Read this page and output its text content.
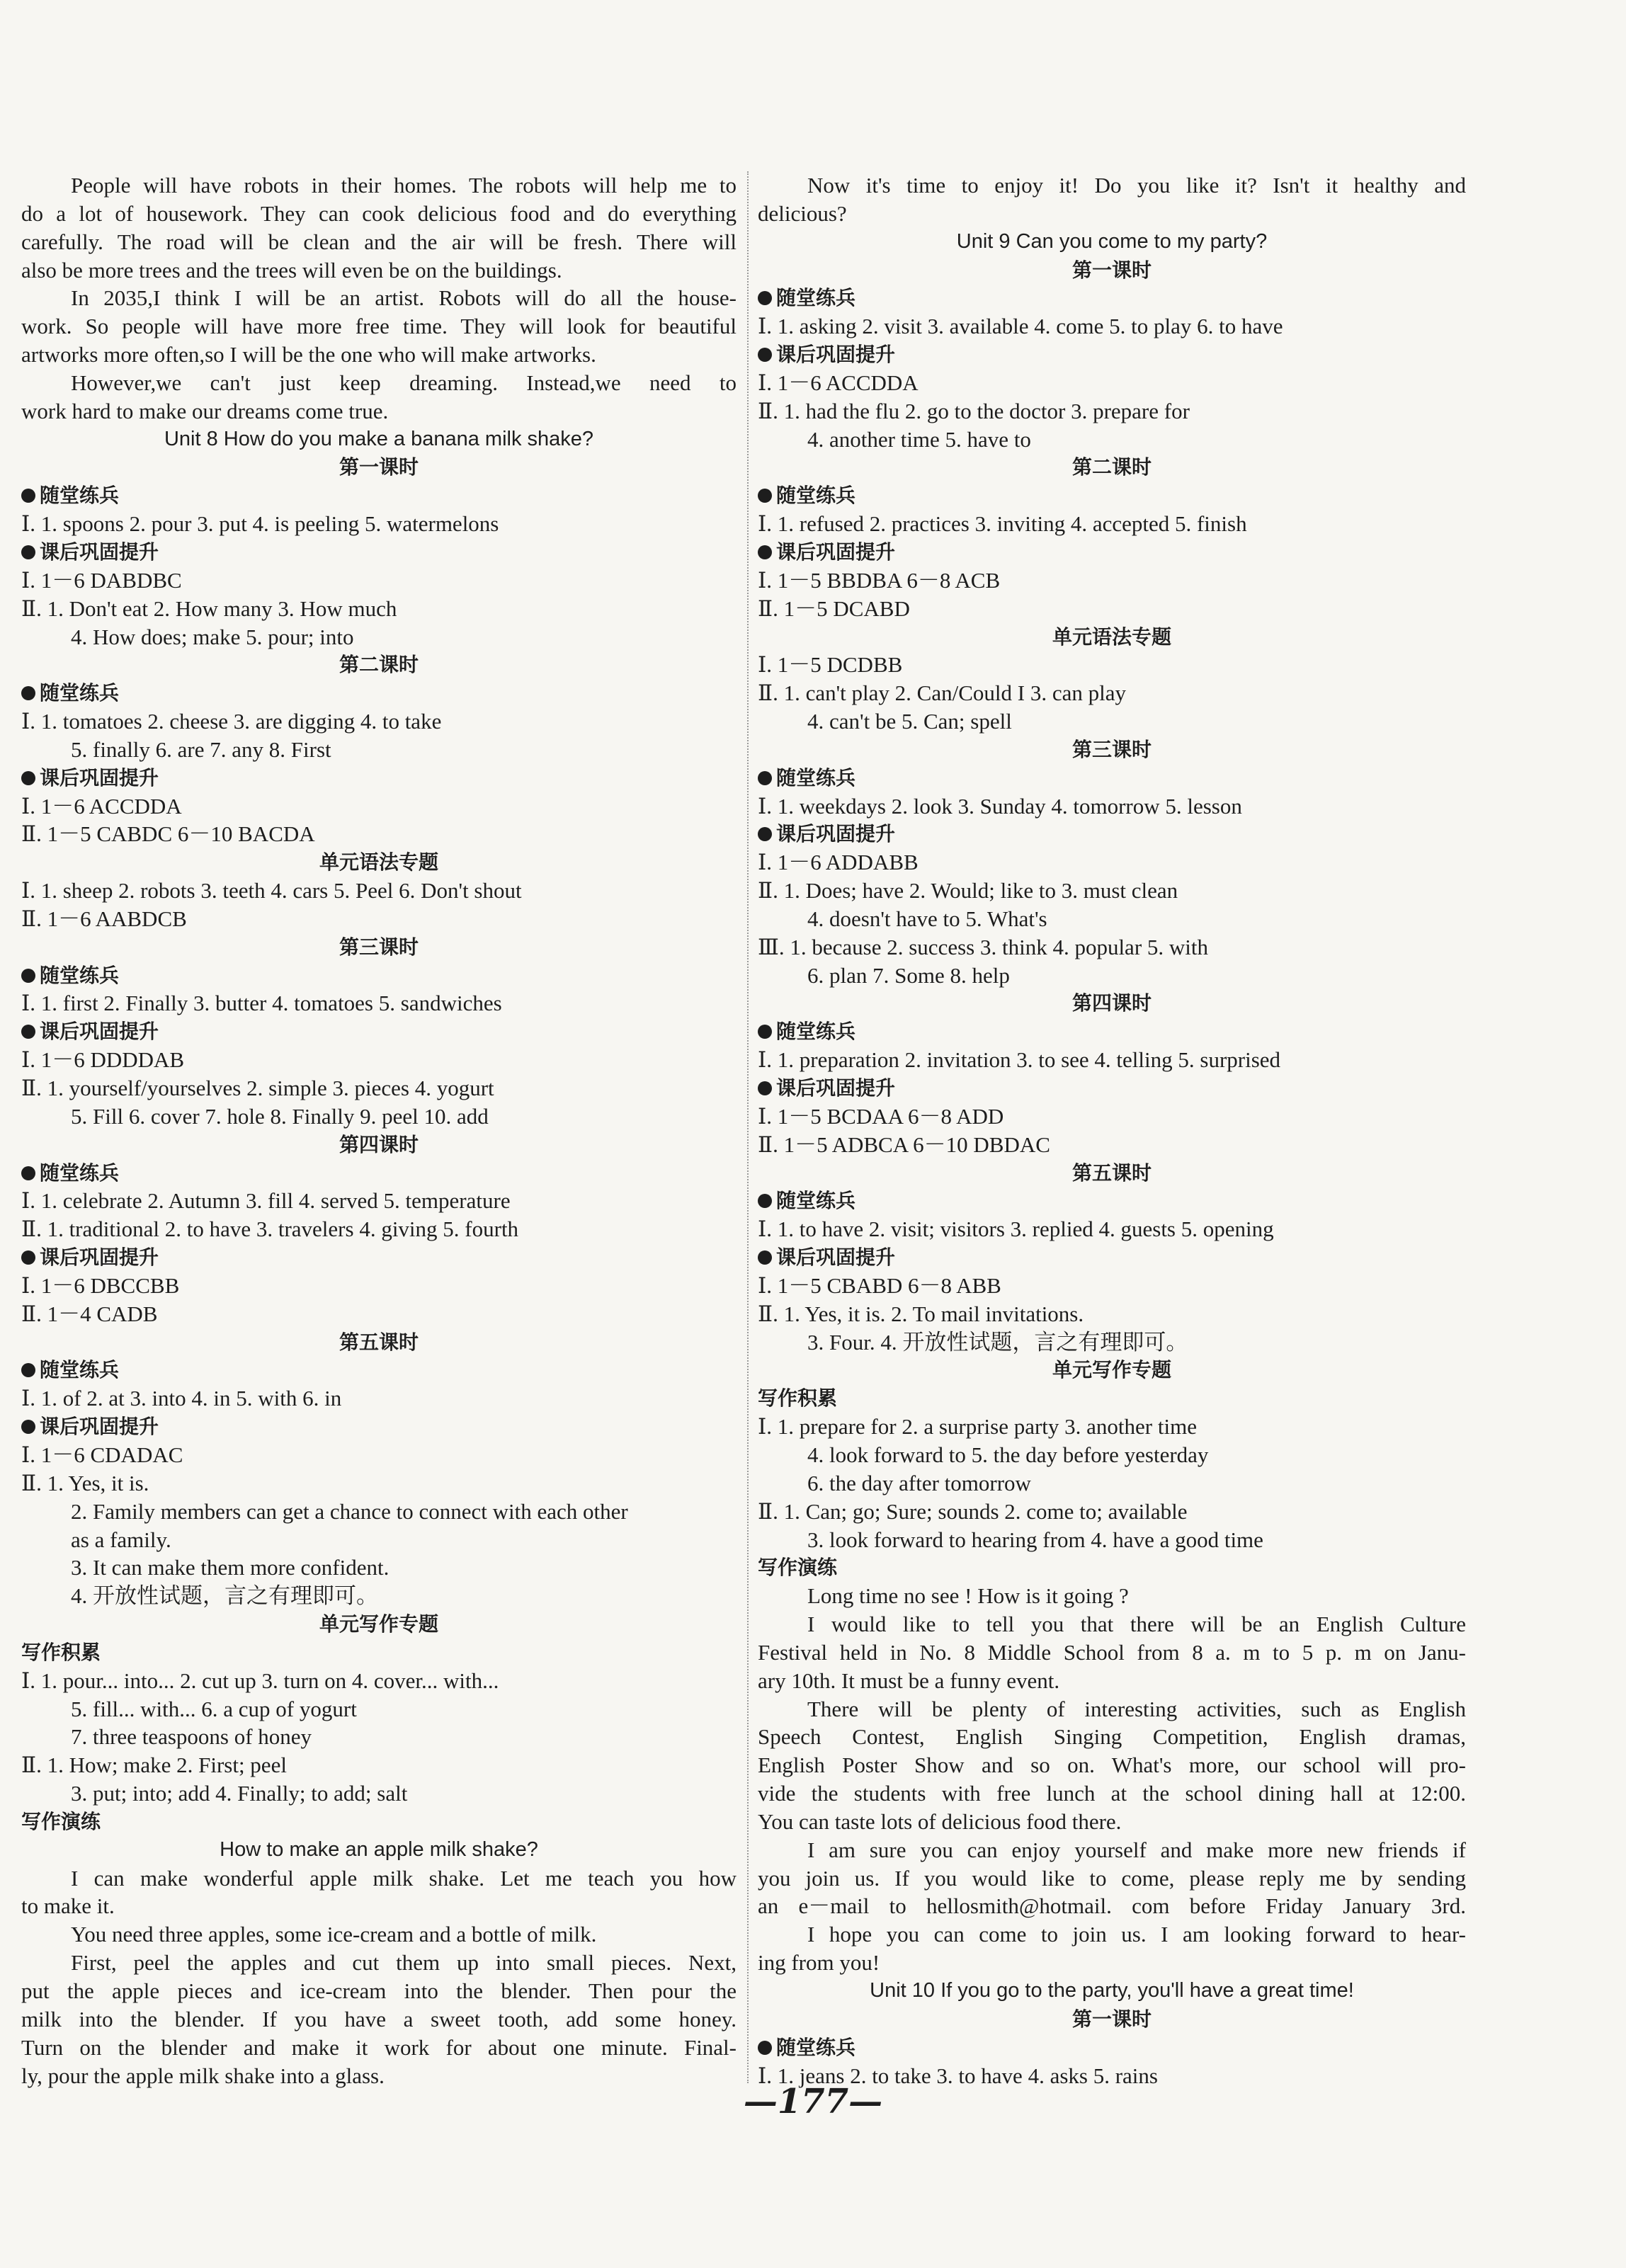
People will have robots in their homes. The robots will help me to
do a lot of housework. They can cook delicious food and do everything
carefully. The road will be clean and the air will be fresh. There will
also be more trees and the trees will even be on the buildings.
In 2035,I think I will be an artist. Robots will do all the house-
work. So people will have more free time. They will look for beautiful
artworks more often,so I will be the one who will make artworks.
However,we can't just keep dreaming. Instead,we need to
work hard to make our dreams come true.
Unit 8 How do you make a banana milk shake?
第一课时
随堂练兵
Ⅰ. 1. spoons 2. pour 3. put 4. is peeling 5. watermelons
课后巩固提升
Ⅰ. 1－6 DABDBC
Ⅱ. 1. Don't eat 2. How many 3. How much
4. How does; make 5. pour; into
第二课时
随堂练兵
Ⅰ. 1. tomatoes 2. cheese 3. are digging 4. to take
5. finally 6. are 7. any 8. First
课后巩固提升
Ⅰ. 1－6 ACCDDA
Ⅱ. 1－5 CABDC 6－10 BACDA
单元语法专题
Ⅰ. 1. sheep 2. robots 3. teeth 4. cars 5. Peel 6. Don't shout
Ⅱ. 1－6 AABDCB
第三课时
随堂练兵
Ⅰ. 1. first 2. Finally 3. butter 4. tomatoes 5. sandwiches
课后巩固提升
Ⅰ. 1－6 DDDDAB
Ⅱ. 1. yourself/yourselves 2. simple 3. pieces 4. yogurt
5. Fill 6. cover 7. hole 8. Finally 9. peel 10. add
第四课时
随堂练兵
Ⅰ. 1. celebrate 2. Autumn 3. fill 4. served 5. temperature
Ⅱ. 1. traditional 2. to have 3. travelers 4. giving 5. fourth
课后巩固提升
Ⅰ. 1－6 DBCCBB
Ⅱ. 1－4 CADB
第五课时
随堂练兵
Ⅰ. 1. of 2. at 3. into 4. in 5. with 6. in
课后巩固提升
Ⅰ. 1－6 CDADAC
Ⅱ. 1. Yes, it is.
2. Family members can get a chance to connect with each other
as a family.
3. It can make them more confident.
4. 开放性试题，言之有理即可。
单元写作专题
写作积累
Ⅰ. 1. pour... into... 2. cut up 3. turn on 4. cover... with...
5. fill... with... 6. a cup of yogurt
7. three teaspoons of honey
Ⅱ. 1. How; make 2. First; peel
3. put; into; add 4. Finally; to add; salt
写作演练
How to make an apple milk shake?
I can make wonderful apple milk shake. Let me teach you how
to make it.
You need three apples, some ice-cream and a bottle of milk.
First, peel the apples and cut them up into small pieces. Next,
put the apple pieces and ice-cream into the blender. Then pour the
milk into the blender. If you have a sweet tooth, add some honey.
Turn on the blender and make it work for about one minute. Final-
ly, pour the apple milk shake into a glass.
Now it's time to enjoy it! Do you like it? Isn't it healthy and
delicious?
Unit 9 Can you come to my party?
第一课时
随堂练兵
Ⅰ. 1. asking 2. visit 3. available 4. come 5. to play 6. to have
课后巩固提升
Ⅰ. 1－6 ACCDDA
Ⅱ. 1. had the flu 2. go to the doctor 3. prepare for
4. another time 5. have to
第二课时
随堂练兵
Ⅰ. 1. refused 2. practices 3. inviting 4. accepted 5. finish
课后巩固提升
Ⅰ. 1－5 BBDBA 6－8 ACB
Ⅱ. 1－5 DCABD
单元语法专题
Ⅰ. 1－5 DCDBB
Ⅱ. 1. can't play 2. Can/Could I 3. can play
4. can't be 5. Can; spell
第三课时
随堂练兵
Ⅰ. 1. weekdays 2. look 3. Sunday 4. tomorrow 5. lesson
课后巩固提升
Ⅰ. 1－6 ADDABB
Ⅱ. 1. Does; have 2. Would; like to 3. must clean
4. doesn't have to 5. What's
Ⅲ. 1. because 2. success 3. think 4. popular 5. with
6. plan 7. Some 8. help
第四课时
随堂练兵
Ⅰ. 1. preparation 2. invitation 3. to see 4. telling 5. surprised
课后巩固提升
Ⅰ. 1－5 BCDAA 6－8 ADD
Ⅱ. 1－5 ADBCA 6－10 DBDAC
第五课时
随堂练兵
Ⅰ. 1. to have 2. visit; visitors 3. replied 4. guests 5. opening
课后巩固提升
Ⅰ. 1－5 CBABD 6－8 ABB
Ⅱ. 1. Yes, it is. 2. To mail invitations.
3. Four. 4. 开放性试题，言之有理即可。
单元写作专题
写作积累
Ⅰ. 1. prepare for 2. a surprise party 3. another time
4. look forward to 5. the day before yesterday
6. the day after tomorrow
Ⅱ. 1. Can; go; Sure; sounds 2. come to; available
3. look forward to hearing from 4. have a good time
写作演练
Long time no see ! How is it going ?
I would like to tell you that there will be an English Culture
Festival held in No. 8 Middle School from 8 a. m to 5 p. m on Janu-
ary 10th. It must be a funny event.
There will be plenty of interesting activities, such as English
Speech Contest, English Singing Competition, English dramas,
English Poster Show and so on. What's more, our school will pro-
vide the students with free lunch at the school dining hall at 12:00.
You can taste lots of delicious food there.
I am sure you can enjoy yourself and make more new friends if
you join us. If you would like to come, please reply me by sending
an e－mail to hellosmith@hotmail. com before Friday January 3rd.
I hope you can come to join us. I am looking forward to hear-
ing from you!
Unit 10 If you go to the party, you'll have a great time!
第一课时
随堂练兵
Ⅰ. 1. jeans 2. to take 3. to have 4. asks 5. rains
—177—
